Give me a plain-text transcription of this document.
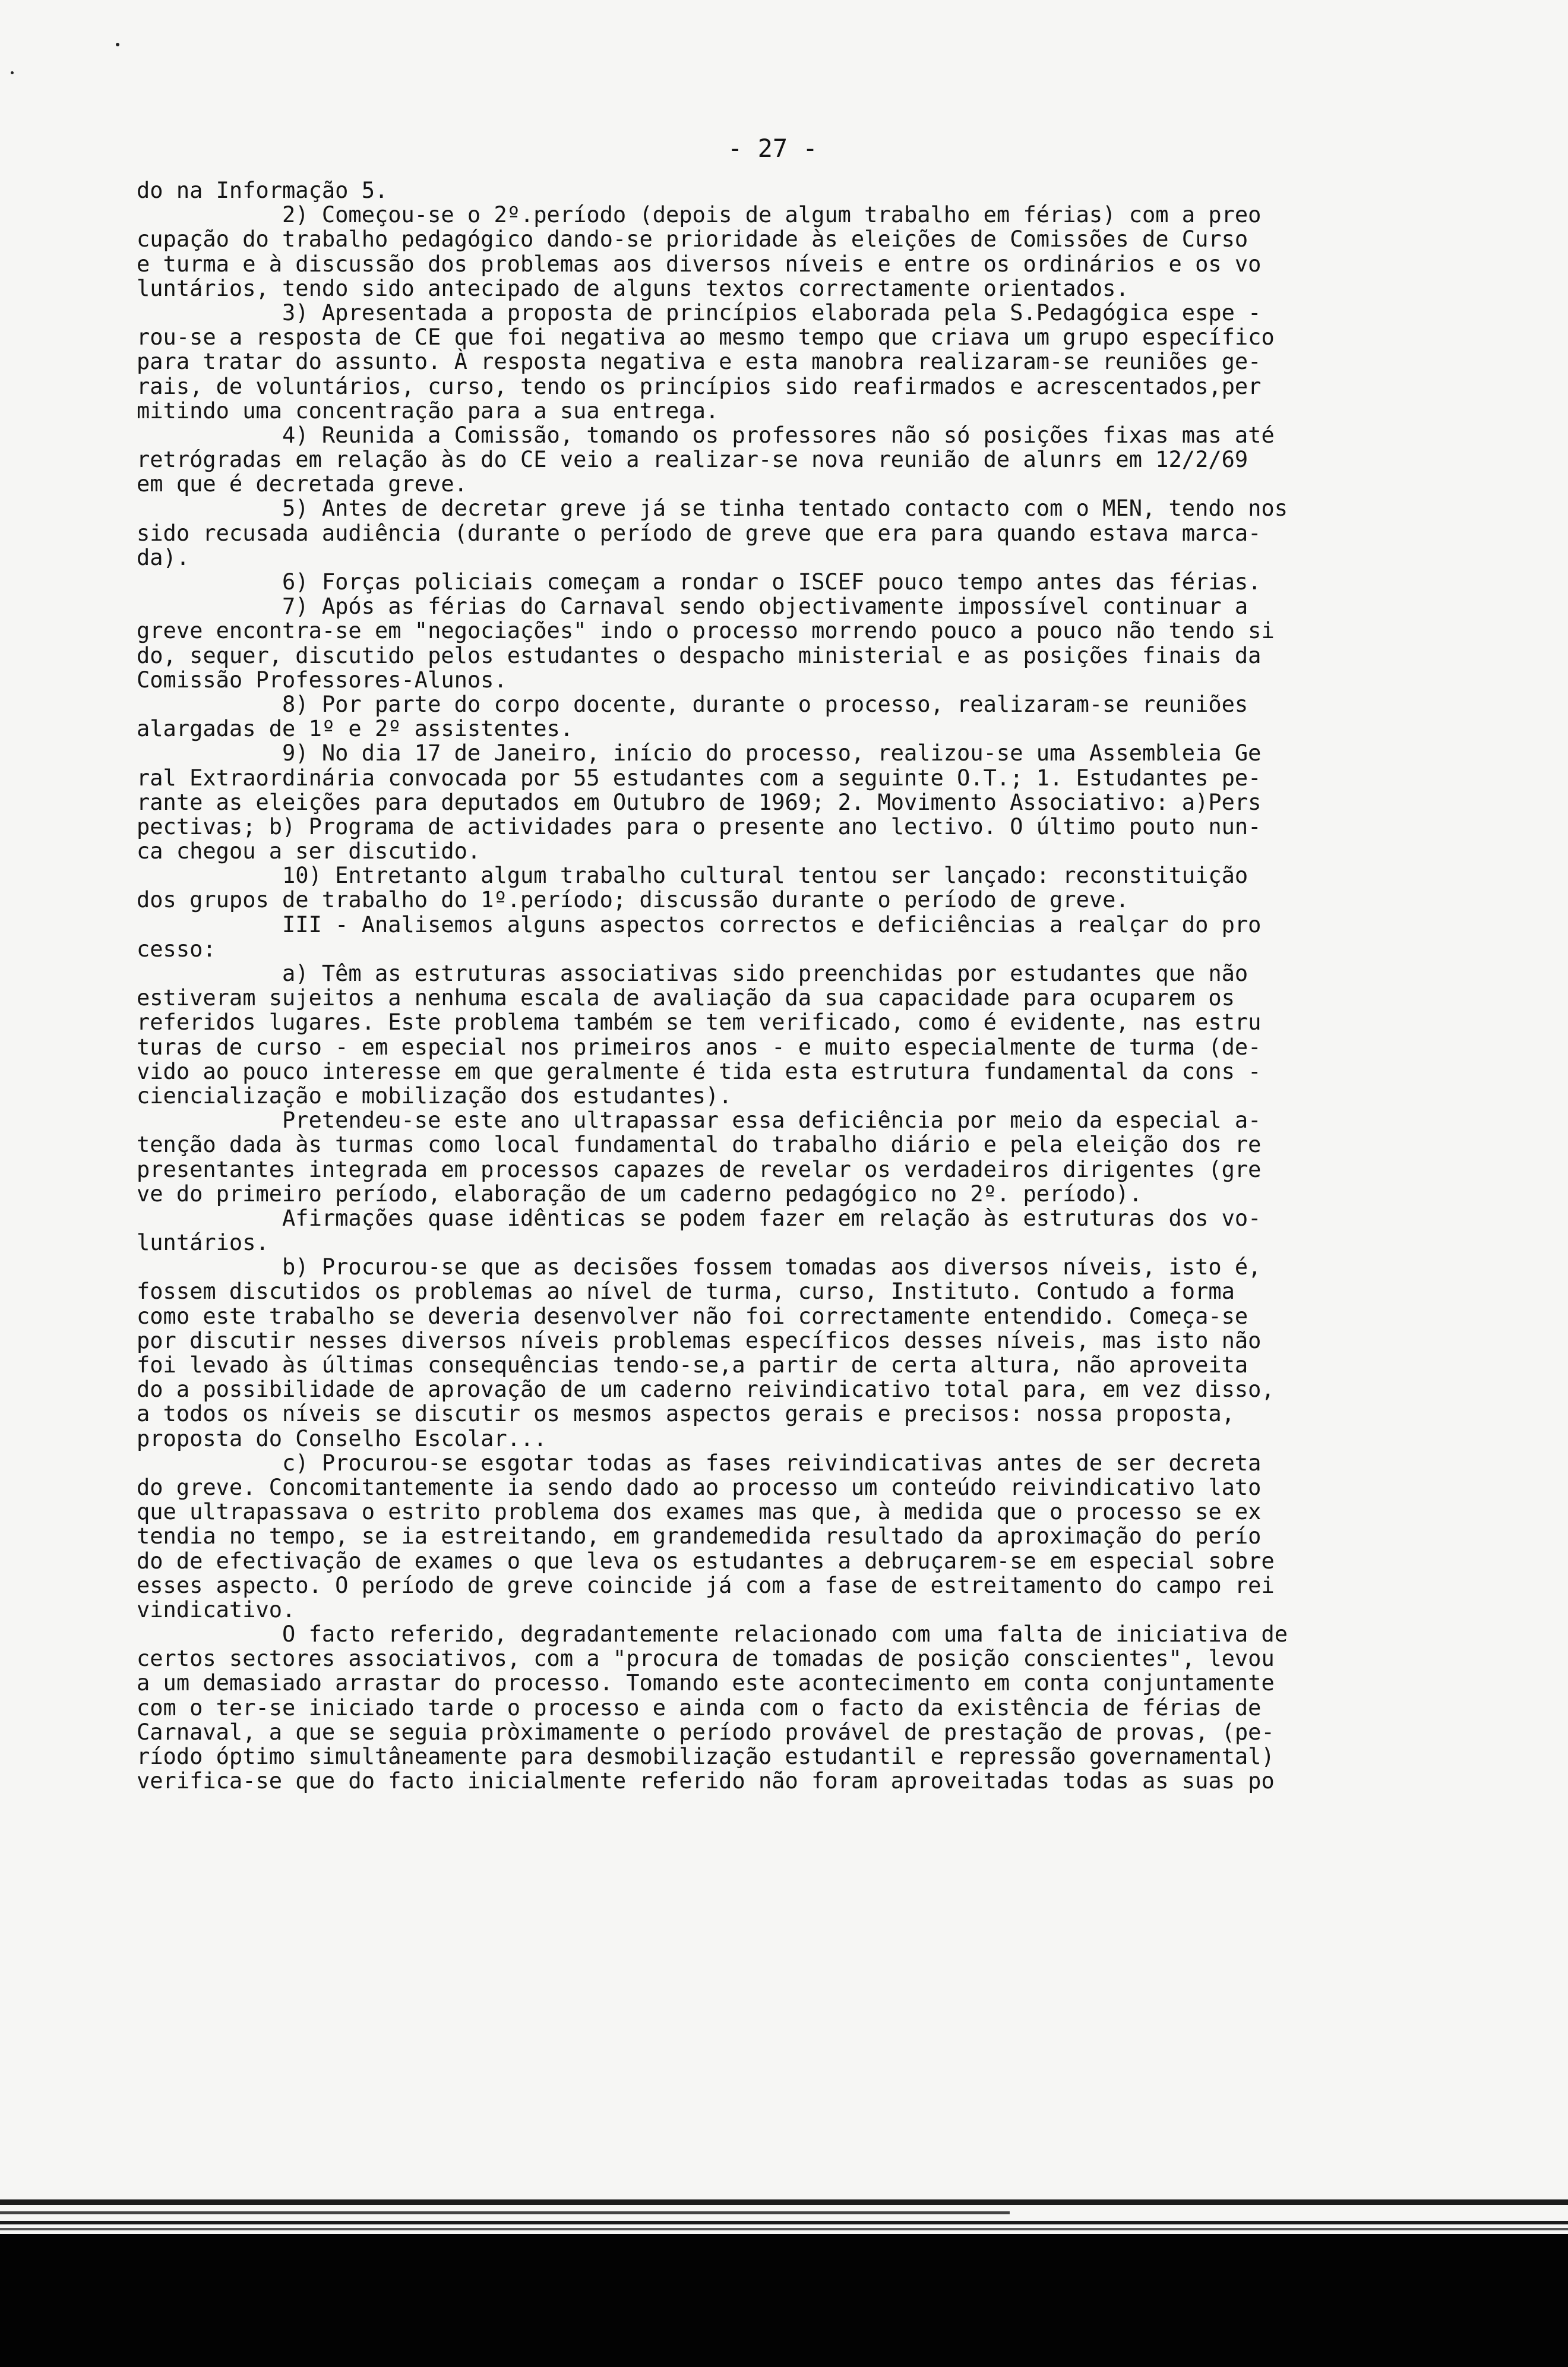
- 27 -
do na Informação 5.
2) Começou-se o 2º.período (depois de algum trabalho em férias) com a preo
cupação do trabalho pedagógico dando-se prioridade às eleições de Comissões de Curso
e turma e à discussão dos problemas aos diversos níveis e entre os ordinários e os vo
luntários, tendo sido antecipado de alguns textos correctamente orientados.
3) Apresentada a proposta de princípios elaborada pela S.Pedagógica espe -
rou-se a resposta de CE que foi negativa ao mesmo tempo que criava um grupo específico
para tratar do assunto. À resposta negativa e esta manobra realizaram-se reuniões ge-
rais, de voluntários, curso, tendo os princípios sido reafirmados e acrescentados,per
mitindo uma concentração para a sua entrega.
4) Reunida a Comissão, tomando os professores não só posições fixas mas até
retrógradas em relação às do CE veio a realizar-se nova reunião de alunrs em 12/2/69
em que é decretada greve.
5) Antes de decretar greve já se tinha tentado contacto com o MEN, tendo nos
sido recusada audiência (durante o período de greve que era para quando estava marca-
da).
6) Forças policiais começam a rondar o ISCEF pouco tempo antes das férias.
7) Após as férias do Carnaval sendo objectivamente impossível continuar a
greve encontra-se em "negociações" indo o processo morrendo pouco a pouco não tendo si
do, sequer, discutido pelos estudantes o despacho ministerial e as posições finais da
Comissão Professores-Alunos.
8) Por parte do corpo docente, durante o processo, realizaram-se reuniões
alargadas de 1º e 2º assistentes.
9) No dia 17 de Janeiro, início do processo, realizou-se uma Assembleia Ge
ral Extraordinária convocada por 55 estudantes com a seguinte O.T.; 1. Estudantes pe-
rante as eleições para deputados em Outubro de 1969; 2. Movimento Associativo: a)Pers
pectivas; b) Programa de actividades para o presente ano lectivo. O último pouto nun-
ca chegou a ser discutido.
10) Entretanto algum trabalho cultural tentou ser lançado: reconstituição
dos grupos de trabalho do 1º.período; discussão durante o período de greve.
III - Analisemos alguns aspectos correctos e deficiências a realçar do pro
cesso:
a) Têm as estruturas associativas sido preenchidas por estudantes que não
estiveram sujeitos a nenhuma escala de avaliação da sua capacidade para ocuparem os
referidos lugares. Este problema também se tem verificado, como é evidente, nas estru
turas de curso - em especial nos primeiros anos - e muito especialmente de turma (de-
vido ao pouco interesse em que geralmente é tida esta estrutura fundamental da cons -
ciencialização e mobilização dos estudantes).
Pretendeu-se este ano ultrapassar essa deficiência por meio da especial a-
tenção dada às turmas como local fundamental do trabalho diário e pela eleição dos re
presentantes integrada em processos capazes de revelar os verdadeiros dirigentes (gre
ve do primeiro período, elaboração de um caderno pedagógico no 2º. período).
Afirmações quase idênticas se podem fazer em relação às estruturas dos vo-
luntários.
b) Procurou-se que as decisões fossem tomadas aos diversos níveis, isto é,
fossem discutidos os problemas ao nível de turma, curso, Instituto. Contudo a forma
como este trabalho se deveria desenvolver não foi correctamente entendido. Começa-se
por discutir nesses diversos níveis problemas específicos desses níveis, mas isto não
foi levado às últimas consequências tendo-se,a partir de certa altura, não aproveita
do a possibilidade de aprovação de um caderno reivindicativo total para, em vez disso,
a todos os níveis se discutir os mesmos aspectos gerais e precisos: nossa proposta,
proposta do Conselho Escolar...
c) Procurou-se esgotar todas as fases reivindicativas antes de ser decreta
do greve. Concomitantemente ia sendo dado ao processo um conteúdo reivindicativo lato
que ultrapassava o estrito problema dos exames mas que, à medida que o processo se ex
tendia no tempo, se ia estreitando, em grandemedida resultado da aproximação do perío
do de efectivação de exames o que leva os estudantes a debruçarem-se em especial sobre
esses aspecto. O período de greve coincide já com a fase de estreitamento do campo rei
vindicativo.
O facto referido, degradantemente relacionado com uma falta de iniciativa de
certos sectores associativos, com a "procura de tomadas de posição conscientes", levou
a um demasiado arrastar do processo. Tomando este acontecimento em conta conjuntamente
com o ter-se iniciado tarde o processo e ainda com o facto da existência de férias de
Carnaval, a que se seguia pròximamente o período provável de prestação de provas, (pe-
ríodo óptimo simultâneamente para desmobilização estudantil e repressão governamental)
verifica-se que do facto inicialmente referido não foram aproveitadas todas as suas po
